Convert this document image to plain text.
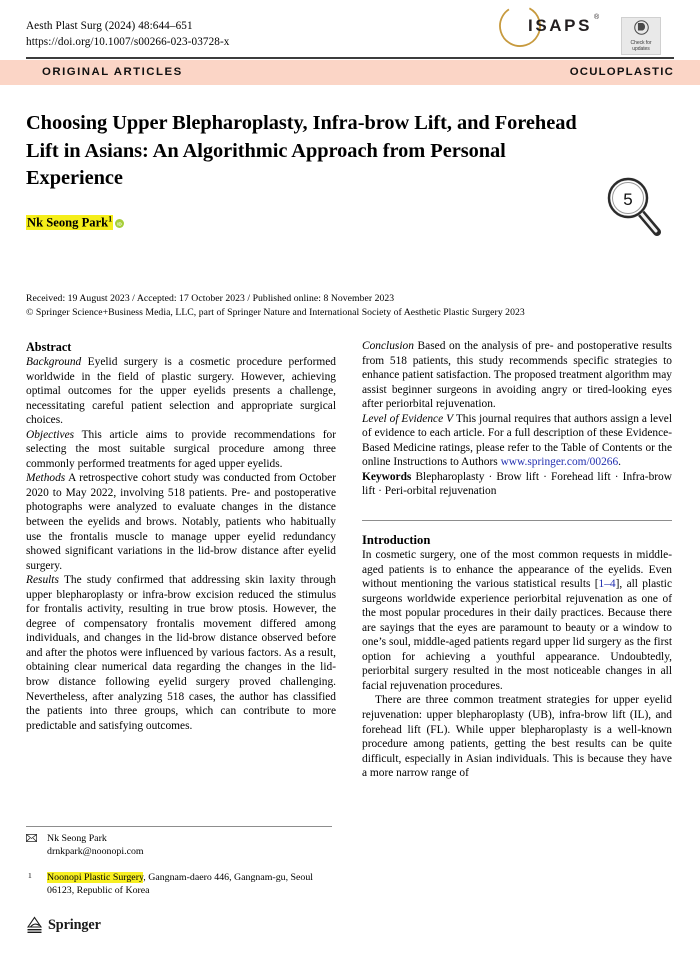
Aesth Plast Surg (2024) 48:644–651
https://doi.org/10.1007/s00266-023-03728-x
ISAPS ®
Check for
updates
ORIGINAL ARTICLES	OCULOPLASTIC
Choosing Upper Blepharoplasty, Infra-brow Lift, and Forehead Lift in Asians: An Algorithmic Approach from Personal Experience
Nk Seong Park$^1$
iD
5
Received: 19 August 2023 / Accepted: 17 October 2023 / Published online: 8 November 2023
© Springer Science+Business Media, LLC, part of Springer Nature and International Society of Aesthetic Plastic Surgery 2023

Abstract

Background Eyelid surgery is a cosmetic procedure performed worldwide in the field of plastic surgery. However, achieving optimal outcomes for the upper eyelids presents a challenge, necessitating careful patient selection and appropriate surgical choices.

Objectives This article aims to provide recommendations for selecting the most suitable surgical procedure among three commonly performed treatments for aged upper eyelids.

Methods A retrospective cohort study was conducted from October 2020 to May 2022, involving 518 patients. Pre- and postoperative photographs were analyzed to evaluate changes in the distance between the eyelids and brows. Notably, patients who habitually use the frontalis muscle to manage upper eyelid redundancy showed significant variations in the lid-brow distance after eyelid surgery.

Results The study confirmed that addressing skin laxity through upper blepharoplasty or infra-brow excision reduced the stimulus for frontalis activity, resulting in true brow ptosis. However, the degree of compensatory frontalis movement differed among individuals, and changes in the lid-brow distance observed before and after the photos were influenced by various factors. As a result, obtaining clear numerical data regarding the changes in the lid-brow distance following eyelid surgery proved challenging. Nevertheless, after analyzing 518 cases, the author has classified the patients into three groups, which can contribute to more predictable and satisfying outcomes.

Conclusion Based on the analysis of pre- and postoperative results from 518 patients, this study recommends specific strategies to enhance patient satisfaction. The proposed treatment algorithm may assist beginner surgeons in avoiding angry or tired-looking eyes after periorbital rejuvenation.

Level of Evidence V This journal requires that authors assign a level of evidence to each article. For a full description of these Evidence-Based Medicine ratings, please refer to the Table of Contents or the online Instructions to Authors www.springer.com/00266.

Keywords Blepharoplasty · Brow lift · Forehead lift · Infra-brow lift · Peri-orbital rejuvenation

Introduction

In cosmetic surgery, one of the most common requests in middle-aged patients is to enhance the appearance of the eyelids. Even without mentioning the various statistical results [1–4], all plastic surgeons worldwide experience periorbital rejuvenation as one of the most popular procedures in their daily practices. Because there are sayings that the eyes are paramount to beauty or a window to one’s soul, middle-aged patients regard upper lid surgery as the first option for achieving a youthful appearance. Undoubtedly, periorbital surgery resulted in the most noticeable changes in all facial rejuvenation procedures.

There are three common treatment strategies for upper eyelid rejuvenation: upper blepharoplasty (UB), infra-brow lift (IL), and forehead lift (FL). While upper blepharoplasty is a well-known procedure among patients, getting the best results can be quite difficult, especially in Asian individuals. This is because they have a more narrow range of

Nk Seong Park
drnkpark@noonopi.com
1 Noonopi Plastic Surgery, Gangnam-daero 446, Gangnam-gu, Seoul 06123, Republic of Korea
Springer
